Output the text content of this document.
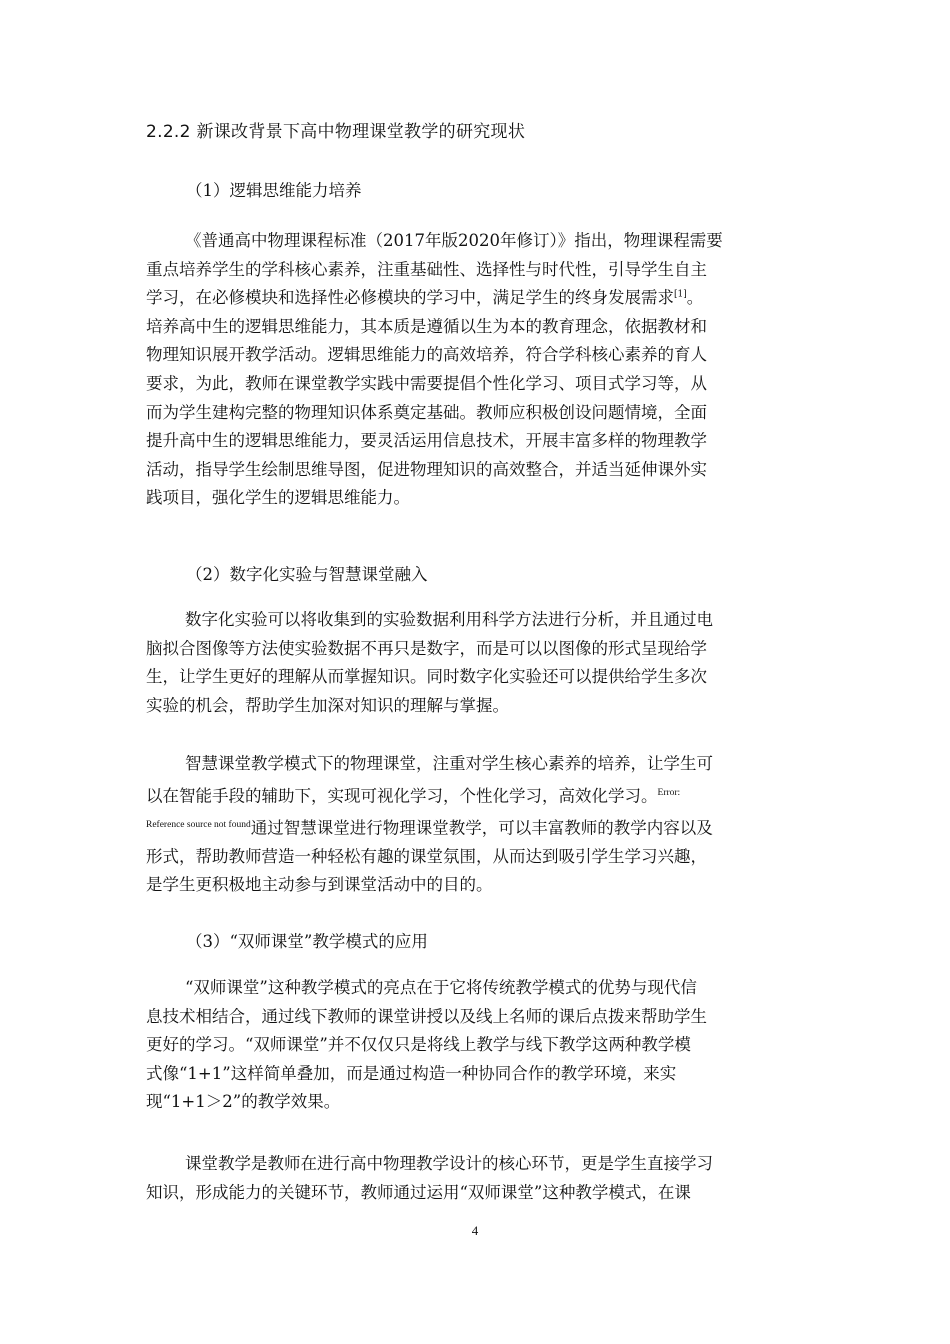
2.2.2 新课改背景下高中物理课堂教学的研究现状
（1）逻辑思维能力培养
《普通高中物理课程标准（2017年版2020年修订）》指出，物理课程需要
重点培养学生的学科核心素养，注重基础性、选择性与时代性，引导学生自主
学习，在必修模块和选择性必修模块的学习中，满足学生的终身发展需求[1]。
培养高中生的逻辑思维能力，其本质是遵循以生为本的教育理念，依据教材和
物理知识展开教学活动。逻辑思维能力的高效培养，符合学科核心素养的育人
要求，为此，教师在课堂教学实践中需要提倡个性化学习、项目式学习等，从
而为学生建构完整的物理知识体系奠定基础。教师应积极创设问题情境，全面
提升高中生的逻辑思维能力，要灵活运用信息技术，开展丰富多样的物理教学
活动，指导学生绘制思维导图，促进物理知识的高效整合，并适当延伸课外实
践项目，强化学生的逻辑思维能力。
（2）数字化实验与智慧课堂融入
数字化实验可以将收集到的实验数据利用科学方法进行分析，并且通过电
脑拟合图像等方法使实验数据不再只是数字，而是可以以图像的形式呈现给学
生，让学生更好的理解从而掌握知识。同时数字化实验还可以提供给学生多次
实验的机会，帮助学生加深对知识的理解与掌握。
智慧课堂教学模式下的物理课堂，注重对学生核心素养的培养，让学生可
以在智能手段的辅助下，实现可视化学习，个性化学习，高效化学习。$^{Error:}$
$^{Reference source not found}$通过智慧课堂进行物理课堂教学，可以丰富教师的教学内容以及
形式，帮助教师营造一种轻松有趣的课堂氛围，从而达到吸引学生学习兴趣，
是学生更积极地主动参与到课堂活动中的目的。
（3）“双师课堂”教学模式的应用
“双师课堂”这种教学模式的亮点在于它将传统教学模式的优势与现代信
息技术相结合，通过线下教师的课堂讲授以及线上名师的课后点拨来帮助学生
更好的学习。“双师课堂”并不仅仅只是将线上教学与线下教学这两种教学模
式像“1+1”这样简单叠加，而是通过构造一种协同合作的教学环境，来实
现“1+1＞2”的教学效果。
课堂教学是教师在进行高中物理教学设计的核心环节，更是学生直接学习
知识，形成能力的关键环节，教师通过运用“双师课堂”这种教学模式，在课
4
